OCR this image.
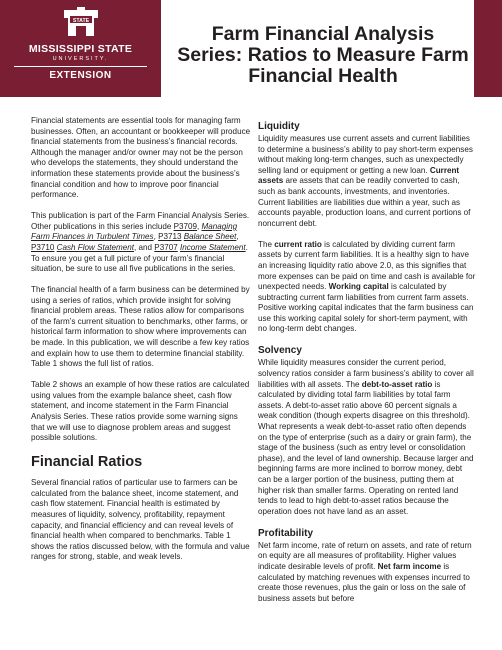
STATE
MISSISSIPPI STATE
UNIVERSITY.
EXTENSION
Farm Financial Analysis Series: Ratios to Measure Farm Financial Health

Financial statements are essential tools for managing farm businesses. Often, an accountant or bookkeeper will produce financial statements from the business’s financial records. Although the manager and/or owner may not be the person who develops the statements, they should understand the information these statements provide about the business’s financial condition and how to improve poor financial performance.

This publication is part of the Farm Financial Analysis Series. Other publications in this series include P3709, Managing Farm Finances in Turbulent Times, P3713 Balance Sheet, P3710 Cash Flow Statement, and P3707 Income Statement. To ensure you get a full picture of your farm’s financial situation, be sure to use all five publications in the series.

The financial health of a farm business can be determined by using a series of ratios, which provide insight for solving financial problem areas. These ratios allow for comparisons of the farm’s current situation to benchmarks, other farms, or historical farm information to show where improvements can be made. In this publication, we will describe a few key ratios and explain how to use them to determine financial stability. Table 1 shows the full list of ratios.

Table 2 shows an example of how these ratios are calculated using values from the example balance sheet, cash flow statement, and income statement in the Farm Financial Analysis Series. These ratios provide some warning signs that we will use to diagnose problem areas and suggest possible solutions.

Financial Ratios

Several financial ratios of particular use to farmers can be calculated from the balance sheet, income statement, and cash flow statement. Financial health is estimated by measures of liquidity, solvency, profitability, repayment capacity, and financial efficiency and can reveal levels of financial health when compared to benchmarks. Table 1 shows the ratios discussed below, with the formula and value ranges for strong, stable, and weak levels.

Liquidity

Liquidity measures use current assets and current liabilities to determine a business’s ability to pay short-term expenses without making long-term changes, such as unexpectedly selling land or equipment or getting a new loan. Current assets are assets that can be readily converted to cash, such as bank accounts, investments, and inventories. Current liabilities are liabilities due within a year, such as accounts payable, production loans, and current portions of noncurrent debt.

The current ratio is calculated by dividing current farm assets by current farm liabilities. It is a healthy sign to have an increasing liquidity ratio above 2.0, as this signifies that more expenses can be paid on time and cash is available for unexpected needs. Working capital is calculated by subtracting current farm liabilities from current farm assets. Positive working capital indicates that the farm business can use this working capital solely for short-term payment, with no long-term debt changes.

Solvency

While liquidity measures consider the current period, solvency ratios consider a farm business’s ability to cover all liabilities with all assets. The debt-to-asset ratio is calculated by dividing total farm liabilities by total farm assets. A debt-to-asset ratio above 60 percent signals a weak condition (though experts disagree on this threshold). What represents a weak debt-to-asset ratio often depends on the type of enterprise (such as a dairy or grain farm), the stage of the business (such as entry level or consolidation phase), and the level of land ownership. Because larger and beginning farms are more inclined to borrow money, debt can be a larger portion of the business, putting them at higher risk than smaller farms. Operating on rented land tends to lead to high debt-to-asset ratios because the operation does not have land as an asset.

Profitability

Net farm income, rate of return on assets, and rate of return on equity are all measures of profitability. Higher values indicate desirable levels of profit. Net farm income is calculated by matching revenues with expenses incurred to create those revenues, plus the gain or loss on the sale of business assets but before
